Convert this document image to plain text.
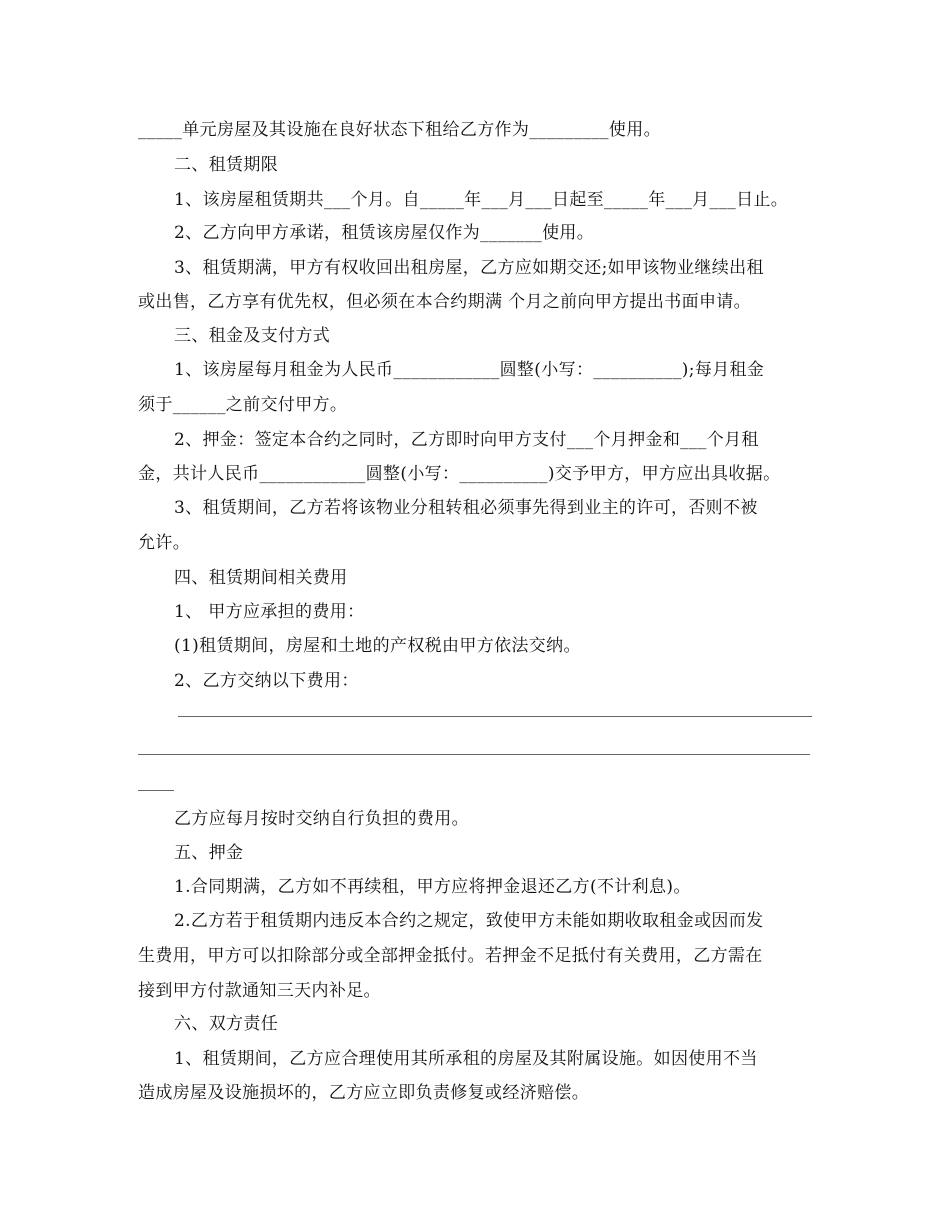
_____单元房屋及其设施在良好状态下租给乙方作为_________使用。
二、租赁期限
1、该房屋租赁期共___个月。自_____年___月___日起至_____年___月___日止。
2、乙方向甲方承诺，租赁该房屋仅作为_______使用。
3、租赁期满，甲方有权收回出租房屋，乙方应如期交还;如甲该物业继续出租
或出售，乙方享有优先权，但必须在本合约期满 个月之前向甲方提出书面申请。
三、租金及支付方式
1、该房屋每月租金为人民币____________圆整(小写：__________);每月租金
须于______之前交付甲方。
2、押金：签定本合约之同时，乙方即时向甲方支付___个月押金和___个月租
金，共计人民币____________圆整(小写：__________)交予甲方，甲方应出具收据。
3、租赁期间，乙方若将该物业分租转租必须事先得到业主的许可，否则不被
允许。
四、租赁期间相关费用
1、 甲方应承担的费用：
(1)租赁期间，房屋和土地的产权税由甲方依法交纳。
2、乙方交纳以下费用：
乙方应每月按时交纳自行负担的费用。
五、押金
1.合同期满，乙方如不再续租，甲方应将押金退还乙方(不计利息)。
2.乙方若于租赁期内违反本合约之规定，致使甲方未能如期收取租金或因而发
生费用，甲方可以扣除部分或全部押金抵付。若押金不足抵付有关费用，乙方需在
接到甲方付款通知三天内补足。
六、双方责任
1、租赁期间，乙方应合理使用其所承租的房屋及其附属设施。如因使用不当
造成房屋及设施损坏的，乙方应立即负责修复或经济赔偿。
